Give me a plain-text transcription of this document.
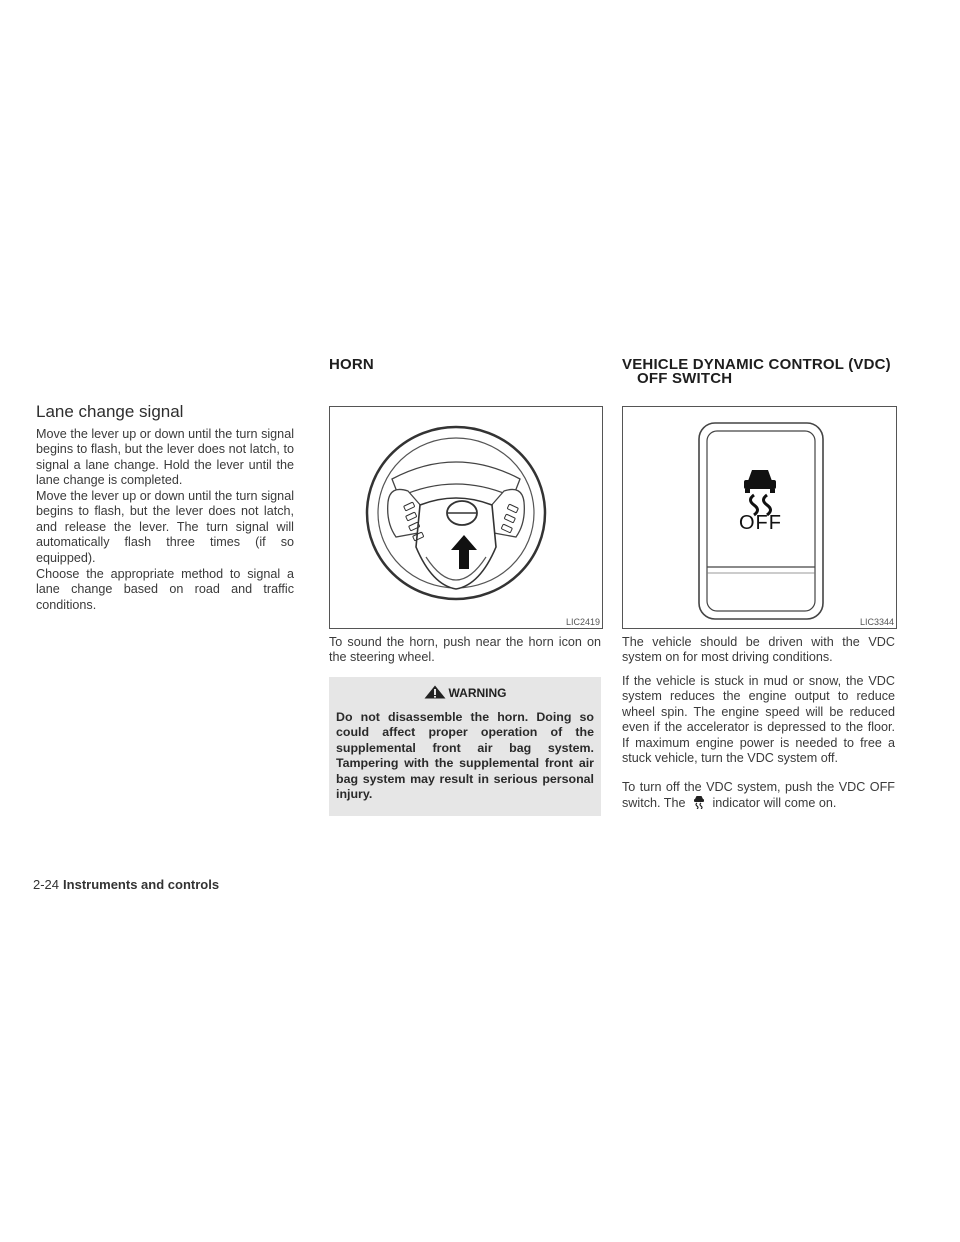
HORN	VEHICLE DYNAMIC CONTROL (VDC)
OFF SWITCH
Lane change signal

Move the lever up or down until the turn signal begins to flash, but the lever does not latch, to signal a lane change. Hold the lever until the lane change is completed.

Move the lever up or down until the turn signal begins to flash, but the lever does not latch, and release the lever. The turn signal will automatically flash three times (if so equipped).

Choose the appropriate method to signal a lane change based on road and traffic conditions.

LIC2419

To sound the horn, push near the horn icon on the steering wheel.

WARNING

Do not disassemble the horn. Doing so could affect proper operation of the supplemental front air bag system. Tampering with the supplemental front air bag system may result in serious personal injury.

OFF
LIC3344

The vehicle should be driven with the VDC system on for most driving conditions.

If the vehicle is stuck in mud or snow, the VDC system reduces the engine output to reduce wheel spin. The engine speed will be reduced even if the accelerator is depressed to the floor. If maximum engine power is needed to free a stuck vehicle, turn the VDC system off.

To turn off the VDC system, push the VDC OFF switch. The indicator will come on.

2-24 Instruments and controls
